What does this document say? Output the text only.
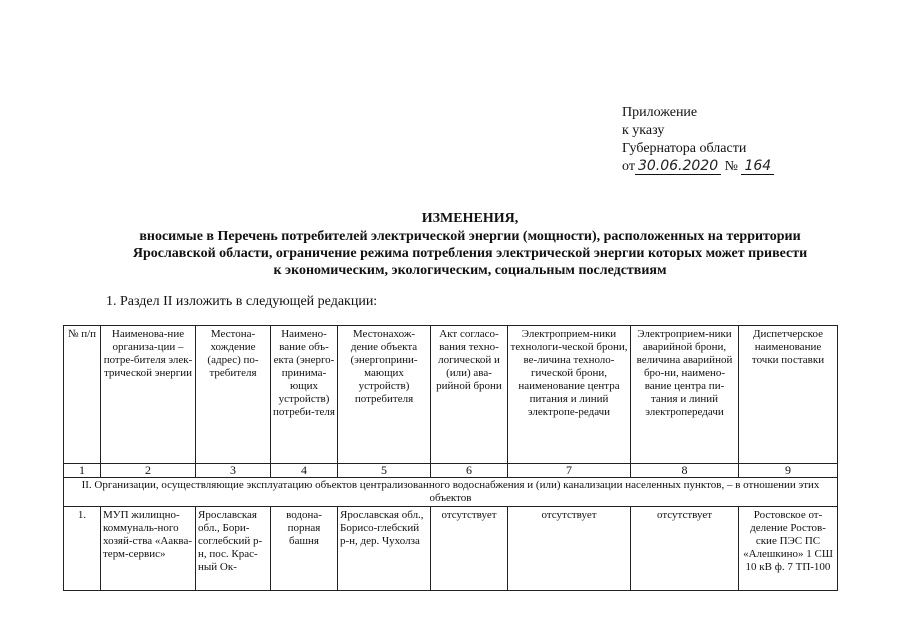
Приложение
к указу
Губернатора области
от 30.06.2020 № 164
ИЗМЕНЕНИЯ,
вносимые в Перечень потребителей электрической энергии (мощности), расположенных на территории
Ярославской области, ограничение режима потребления электрической энергии которых может привести
к экономическим, экологическим, социальным последствиям
1. Раздел II изложить в следующей редакции:
№ п/п	Наименова-ние организа-ции – потре-бителя элек-трической энергии	Местона-хождение (адрес) по-требителя	Наимено-вание объ-екта (энерго-принима-ющих устройств) потреби-теля	Местонахож-дение объекта (энергоприни-мающих устройств) потребителя	Акт согласо-вания техно-логической и (или) ава-рийной брони	Электроприем-ники технологи-ческой брони, ве-личина техноло-гической брони, наименование центра питания и линий электропе-редачи	Электроприем-ники аварийной брони, величина аварийной бро-ни, наимено-вание центра пи-тания и линий электропередачи	Диспетчерское наименование точки поставки
1	2	3	4	5	6	7	8	9
II. Организации, осуществляющие эксплуатацию объектов централизованного водоснабжения и (или) канализации населенных пунктов, – в отношении этих объектов								
1.	МУП жилищно-коммуналь-ного хозяй-ства «Ааква-терм-сервис»	Ярославская обл., Бори-соглебский р-н, пос. Крас-ный Ок-	водона-порная башня	Ярославская обл., Борисо-глебский р-н, дер. Чухолза	отсутствует	отсутствует	отсутствует	Ростовское от-деление Ростов-ские ПЭС ПС «Алешкино» 1 СШ 10 кВ ф. 7 ТП-100
